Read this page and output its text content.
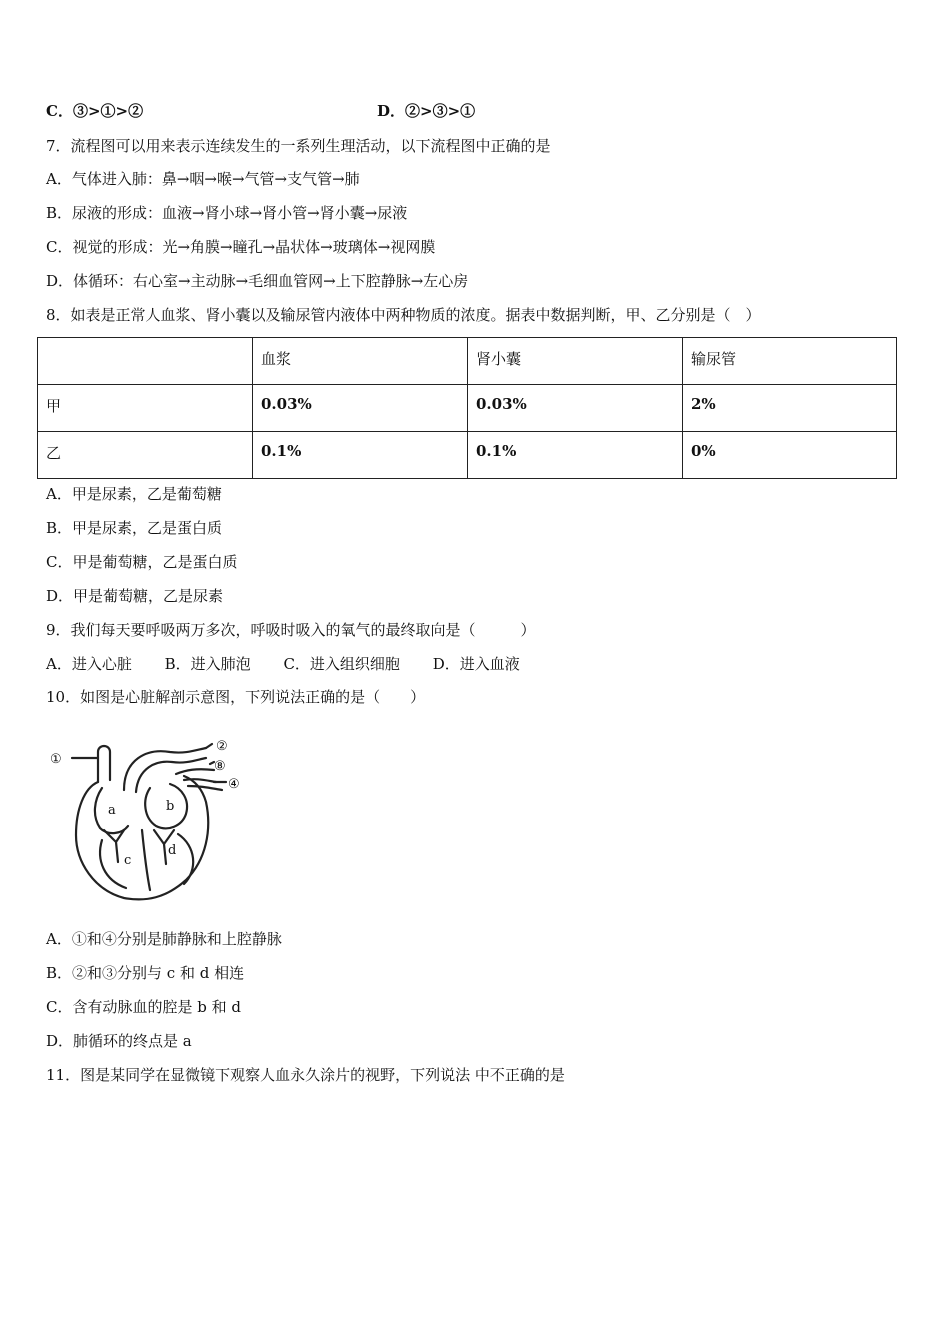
C．③>①>②	D．②>③>①
7．流程图可以用来表示连续发生的一系列生理活动，以下流程图中正确的是
A．气体进入肺：鼻→咽→喉→气管→支气管→肺
B．尿液的形成：血液→肾小球→肾小管→肾小囊→尿液
C．视觉的形成：光→角膜→瞳孔→晶状体→玻璃体→视网膜
D．体循环：右心室→主动脉→毛细血管网→上下腔静脉→左心房
8．如表是正常人血浆、肾小囊以及输尿管内液体中两种物质的浓度。据表中数据判断，甲、乙分别是（　）
	血浆	肾小囊	输尿管
甲	0.03%	0.03%	2%
乙	0.1%	0.1%	0%
A．甲是尿素，乙是葡萄糖
B．甲是尿素，乙是蛋白质
C．甲是葡萄糖，乙是蛋白质
D．甲是葡萄糖，乙是尿素
9．我们每天要呼吸两万多次，呼吸时吸入的氧气的最终取向是（　　　）
A．进入心脏 B．进入肺泡 C．进入组织细胞 D．进入血液
10．如图是心脏解剖示意图，下列说法正确的是（　　）
①
②
⑧
④
a	b
c
d
A．①和④分别是肺静脉和上腔静脉
B．②和③分别与 c 和 d 相连
C．含有动脉血的腔是 b 和 d
D．肺循环的终点是 a
11．图是某同学在显微镜下观察人血永久涂片的视野，下列说法 中不正确的是
